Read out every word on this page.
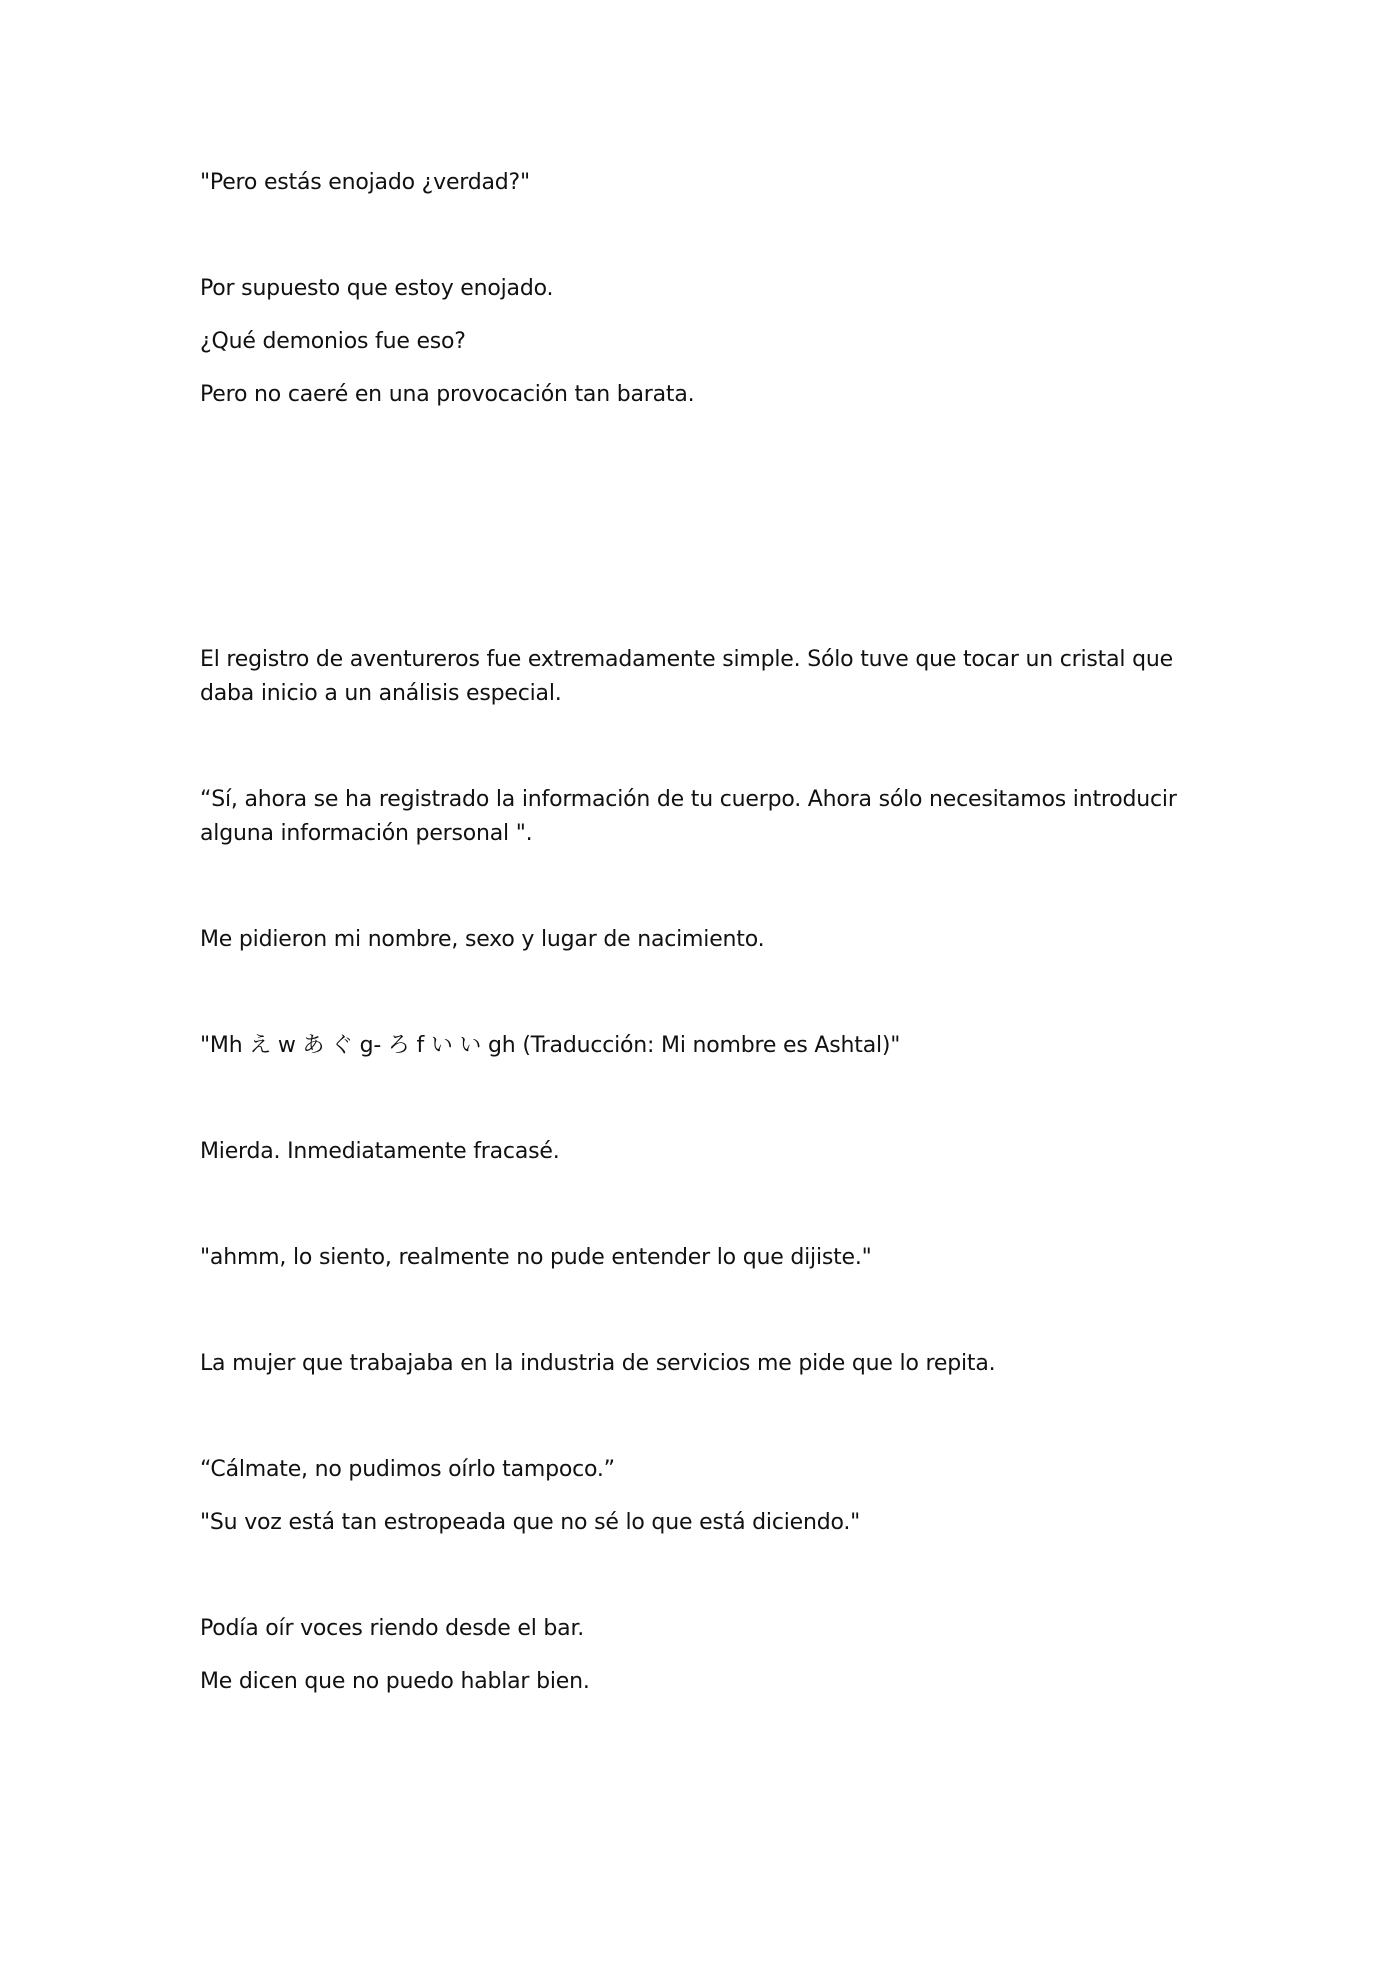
"Pero estás enojado ¿verdad?"

Por supuesto que estoy enojado.

¿Qué demonios fue eso?

Pero no caeré en una provocación tan barata.

El registro de aventureros fue extremadamente simple. Sólo tuve que tocar un cristal que daba inicio a un análisis especial.

“Sí, ahora se ha registrado la información de tu cuerpo. Ahora sólo necesitamos introducir alguna información personal ".

Me pidieron mi nombre, sexo y lugar de nacimiento.

"Mh え w あ ぐ g- ろ f い い gh (Traducción: Mi nombre es Ashtal)"

Mierda. Inmediatamente fracasé.

"ahmm, lo siento, realmente no pude entender lo que dijiste."

La mujer que trabajaba en la industria de servicios me pide que lo repita.

“Cálmate, no pudimos oírlo tampoco.”

"Su voz está tan estropeada que no sé lo que está diciendo."

Podía oír voces riendo desde el bar.

Me dicen que no puedo hablar bien.
